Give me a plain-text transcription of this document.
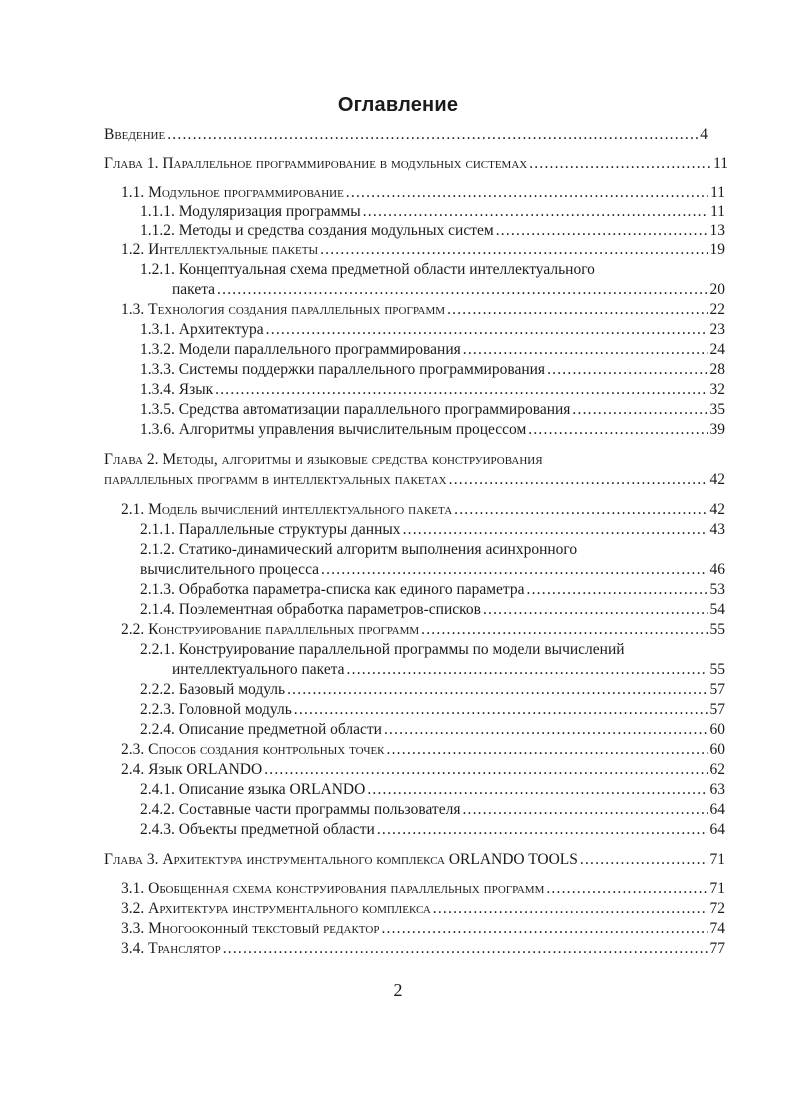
Оглавление
Введение .....	4
Глава 1. Параллельное программирование в модульных системах .....	11
1.1. Модульное программирование .....	11
1.1.1. Модуляризация программы .....	11
1.1.2. Методы и средства создания модульных систем .....	13
1.2. Интеллектуальные пакеты .....	19
1.2.1. Концептуальная схема предметной области интеллектуального
пакета .....	20
1.3. Технология создания параллельных программ .....	22
1.3.1. Архитектура .....	23
1.3.2. Модели параллельного программирования .....	24
1.3.3. Системы поддержки параллельного программирования .....	28
1.3.4. Язык .....	32
1.3.5. Средства автоматизации параллельного программирования .....	35
1.3.6. Алгоритмы управления вычислительным процессом .....	39
Глава 2. Методы, алгоритмы и языковые средства конструирования
параллельных программ в интеллектуальных пакетах .....	42
2.1. Модель вычислений интеллектуального пакета .....	42
2.1.1. Параллельные структуры данных .....	43
2.1.2. Статико-динамический алгоритм выполнения асинхронного
вычислительного процесса .....	46
2.1.3. Обработка параметра-списка как единого параметра .....	53
2.1.4. Поэлементная обработка параметров-списков .....	54
2.2. Конструирование параллельных программ .....	55
2.2.1. Конструирование параллельной программы по модели вычислений
интеллектуального пакета .....	55
2.2.2. Базовый модуль .....	57
2.2.3. Головной модуль .....	57
2.2.4. Описание предметной области .....	60
2.3. Способ создания контрольных точек .....	60
2.4. Язык ORLANDO .....	62
2.4.1. Описание языка ORLANDO .....	63
2.4.2. Составные части программы пользователя .....	64
2.4.3. Объекты предметной области .....	64
Глава 3. Архитектура инструментального комплекса ORLANDO TOOLS .....	71
3.1. Обобщенная схема конструирования параллельных программ .....	71
3.2. Архитектура инструментального комплекса .....	72
3.3. Многооконный текстовый редактор .....	74
3.4. Транслятор .....	77
2
